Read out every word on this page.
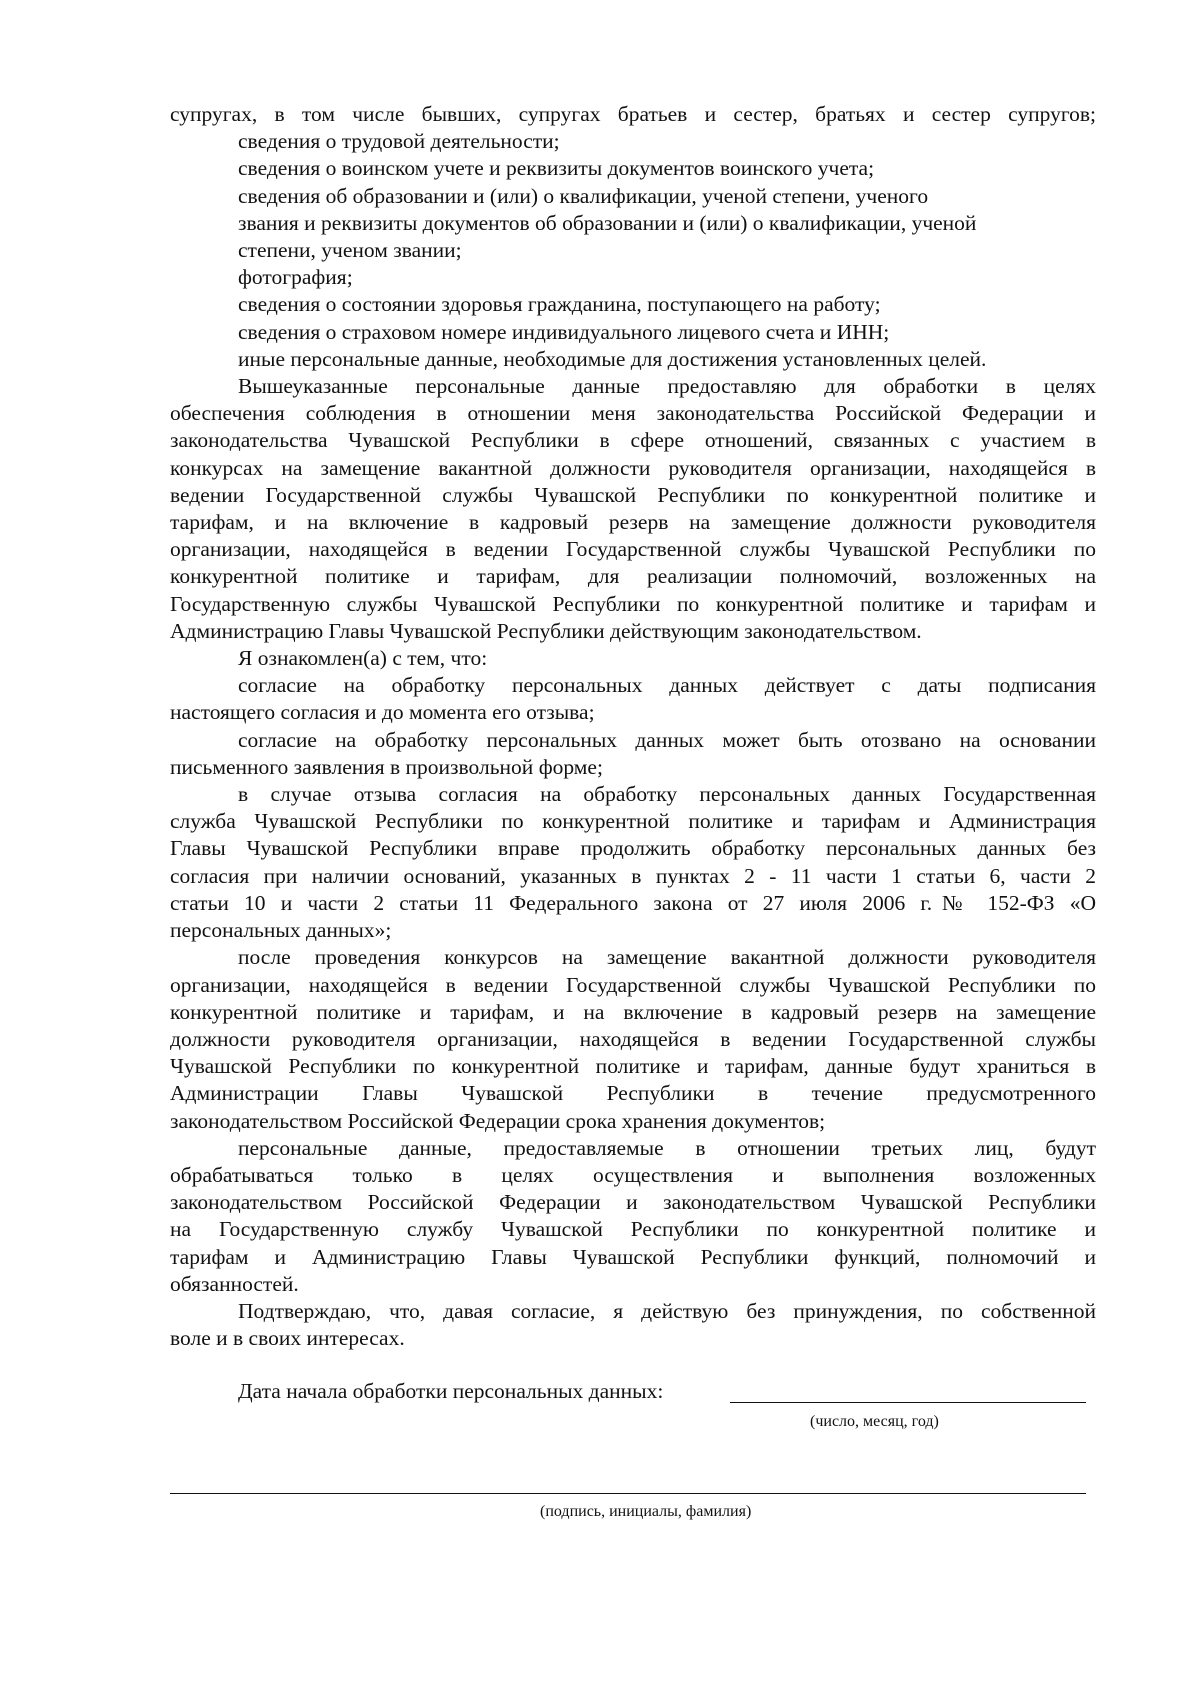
супругах, в том числе бывших, супругах братьев и сестер, братьях и сестер супругов;
сведения о трудовой деятельности;
сведения о воинском учете и реквизиты документов воинского учета;
сведения об образовании и (или) о квалификации, ученой степени, ученого
звания и реквизиты документов об образовании и (или) о квалификации, ученой
степени, ученом звании;
фотография;
сведения о состоянии здоровья гражданина, поступающего на работу;
сведения о страховом номере индивидуального лицевого счета и ИНН;
иные персональные данные, необходимые для достижения установленных целей.
Вышеуказанные персональные данные предоставляю для обработки в целях
обеспечения соблюдения в отношении меня законодательства Российской Федерации и
законодательства Чувашской Республики в сфере отношений, связанных с участием в
конкурсах на замещение вакантной должности руководителя организации, находящейся в
ведении Государственной службы Чувашской Республики по конкурентной политике и
тарифам, и на включение в кадровый резерв на замещение должности руководителя
организации, находящейся в ведении Государственной службы Чувашской Республики по
конкурентной политике и тарифам, для реализации полномочий, возложенных на
Государственную службы Чувашской Республики по конкурентной политике и тарифам и
Администрацию Главы Чувашской Республики действующим законодательством.
Я ознакомлен(а) с тем, что:
согласие на обработку персональных данных действует с даты подписания
настоящего согласия и до момента его отзыва;
согласие на обработку персональных данных может быть отозвано на основании
письменного заявления в произвольной форме;
в случае отзыва согласия на обработку персональных данных Государственная
служба Чувашской Республики по конкурентной политике и тарифам и Администрация
Главы Чувашской Республики вправе продолжить обработку персональных данных без
согласия при наличии оснований, указанных в пунктах 2 - 11 части 1 статьи 6, части 2
статьи 10 и части 2 статьи 11 Федерального закона от 27 июля 2006 г.№ 152-ФЗ «О
персональных данных»;
после проведения конкурсов на замещение вакантной должности руководителя
организации, находящейся в ведении Государственной службы Чувашской Республики по
конкурентной политике и тарифам, и на включение в кадровый резерв на замещение
должности руководителя организации, находящейся в ведении Государственной службы
Чувашской Республики по конкурентной политике и тарифам, данные будут храниться в
Администрации Главы Чувашской Республики в течение предусмотренного
законодательством Российской Федерации срока хранения документов;
персональные данные, предоставляемые в отношении третьих лиц, будут
обрабатываться только в целях осуществления и выполнения возложенных
законодательством Российской Федерации и законодательством Чувашской Республики
на Государственную службу Чувашской Республики по конкурентной политике и
тарифам и Администрацию Главы Чувашской Республики функций, полномочий и
обязанностей.
Подтверждаю, что, давая согласие, я действую без принуждения, по собственной
воле и в своих интересах.
Дата начала обработки персональных данных:
(число, месяц, год)
(подпись, инициалы, фамилия)
